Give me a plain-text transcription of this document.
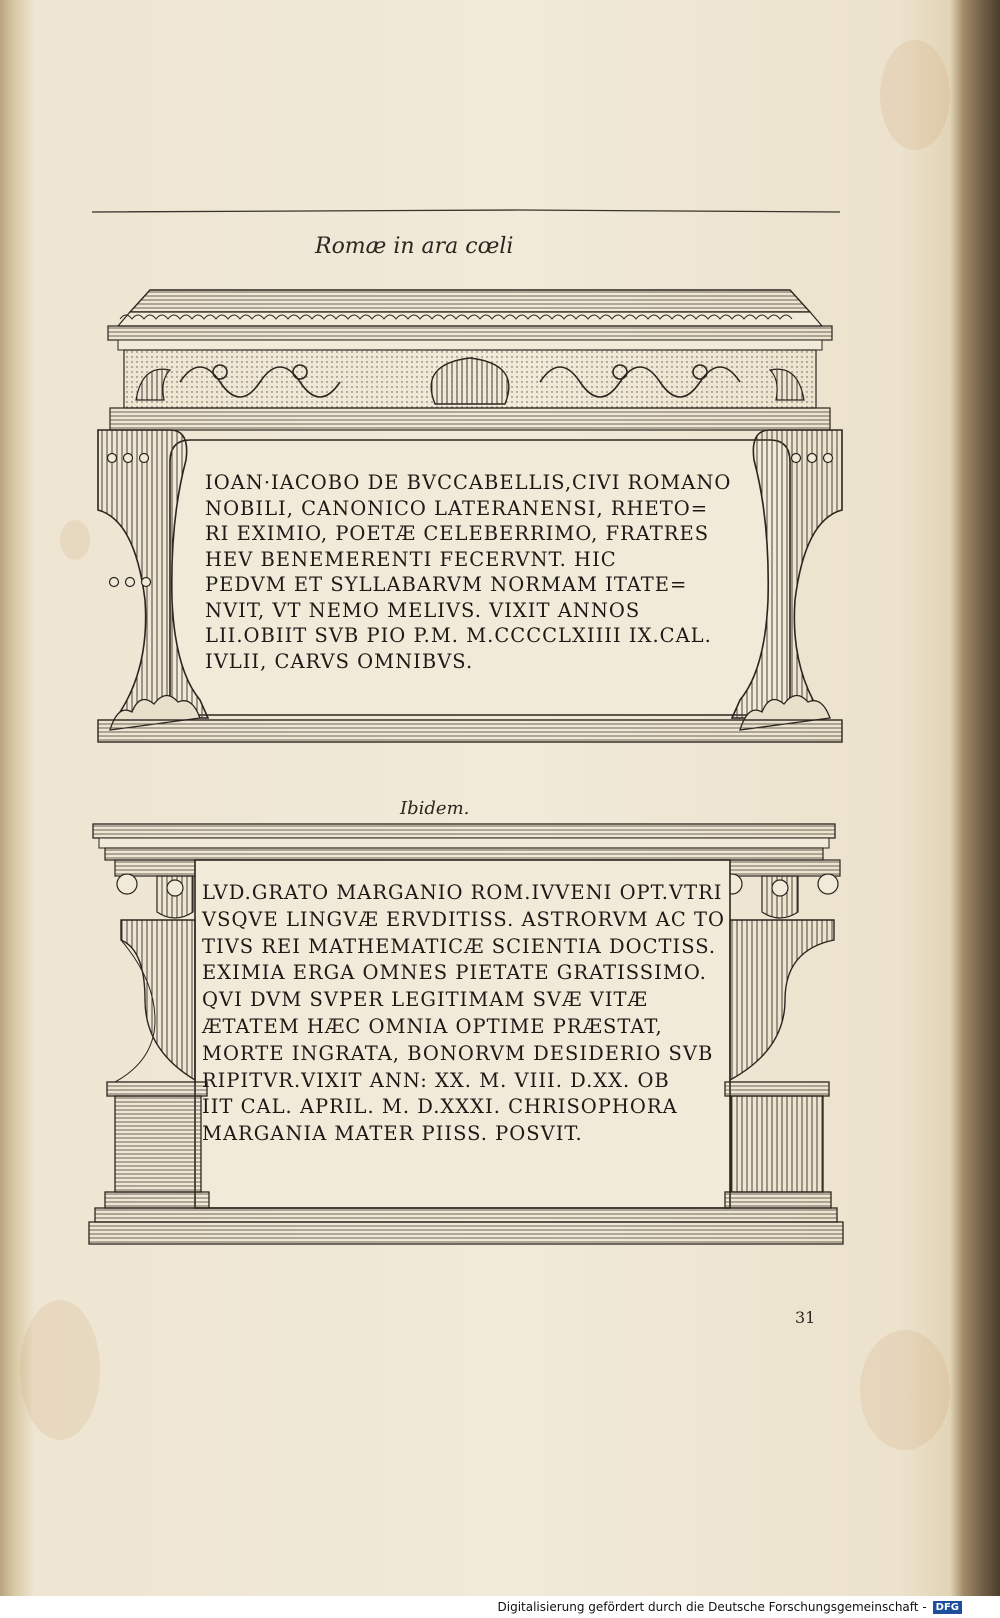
Romæ in ara cœli
IOAN·IACOBO DE BVCCABELLIS,CIVI ROMANO
NOBILI, CANONICO LATERANENSI, RHETO=
RI EXIMIO, POETÆ CELEBERRIMO, FRATRES
HEV BENEMERENTI FECERVNT. HIC
PEDVM ET SYLLABARVM NORMAM ITATE=
NVIT, VT NEMO MELIVS. VIXIT ANNOS
LII.OBIIT SVB PIO P.M. M.CCCCLXIIII IX.CAL.
IVLII, CARVS OMNIBVS.
Ibidem.
LVD.GRATO MARGANIO ROM.IVVENI OPT.VTRI
VSQVE LINGVÆ ERVDITISS. ASTRORVM AC TO
TIVS REI MATHEMATICÆ SCIENTIA DOCTISS.
EXIMIA ERGA OMNES PIETATE GRATISSIMO.
QVI DVM SVPER LEGITIMAM SVÆ VITÆ
ÆTATEM HÆC OMNIA OPTIME PRÆSTAT,
MORTE INGRATA, BONORVM DESIDERIO SVB
RIPITVR.VIXIT ANN: XX. M. VIII. D.XX. OB
IIT CAL. APRIL. M. D.XXXI. CHRISOPHORA
MARGANIA MATER PIISS. POSVIT.
31
Digitalisierung gefördert durch die Deutsche Forschungsgemeinschaft - DFG
